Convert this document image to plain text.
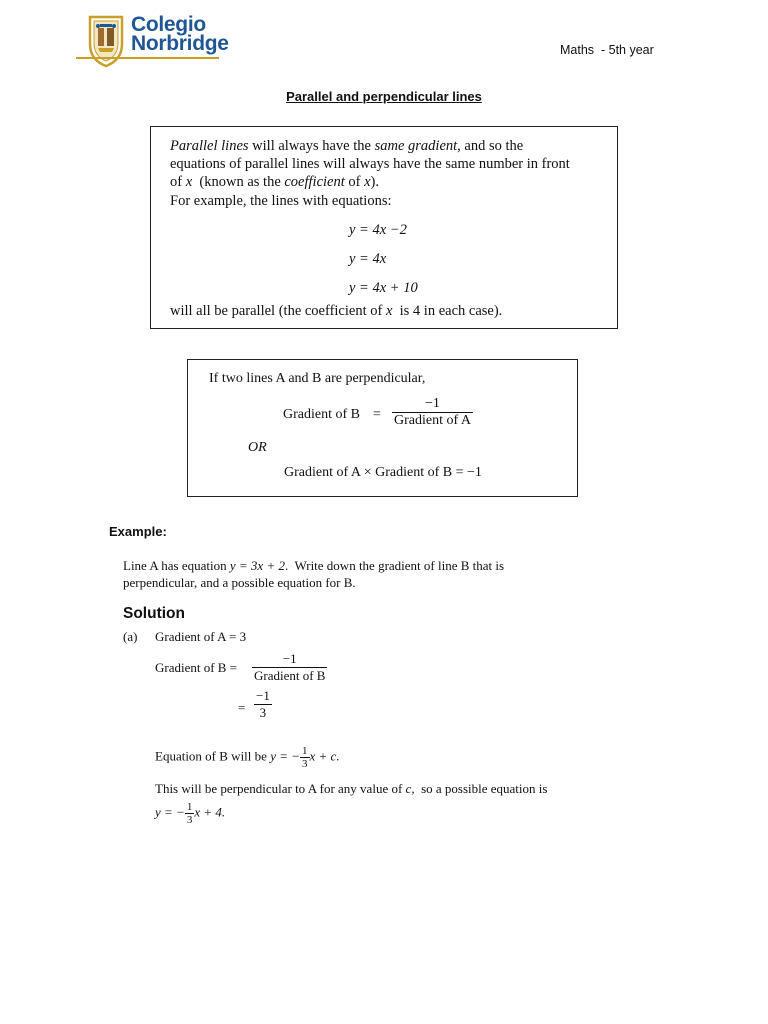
Colegio
Norbridge	Maths  - 5th year
Parallel and perpendicular lines
Parallel lines will always have the same gradient, and so the
equations of parallel lines will always have the same number in front
of x  (known as the coefficient of x).
For example, the lines with equations:
y = 4x −2
y = 4x
y = 4x + 10
will all be parallel (the coefficient of x  is 4 in each case).
If two lines A and B are perpendicular,
Gradient of $B = \frac{-1}{\text{Gradient of A}}$
OR
Gradient of A × Gradient of B = −1
Example:
Line A has equation y = 3x + 2.  Write down the gradient of line B that is
perpendicular, and a possible equation for B.
Solution
(a) Gradient of A = 3
Gradient of $B = \frac{-1}{\text{Gradient of B}}$
= $\frac{-1}{3}$
Equation of B will be y = − $\frac{1}{3}$ x + c.
This will be perpendicular to A for any value of c,  so a possible equation is
y = − $\frac{1}{3}$ x + 4.
